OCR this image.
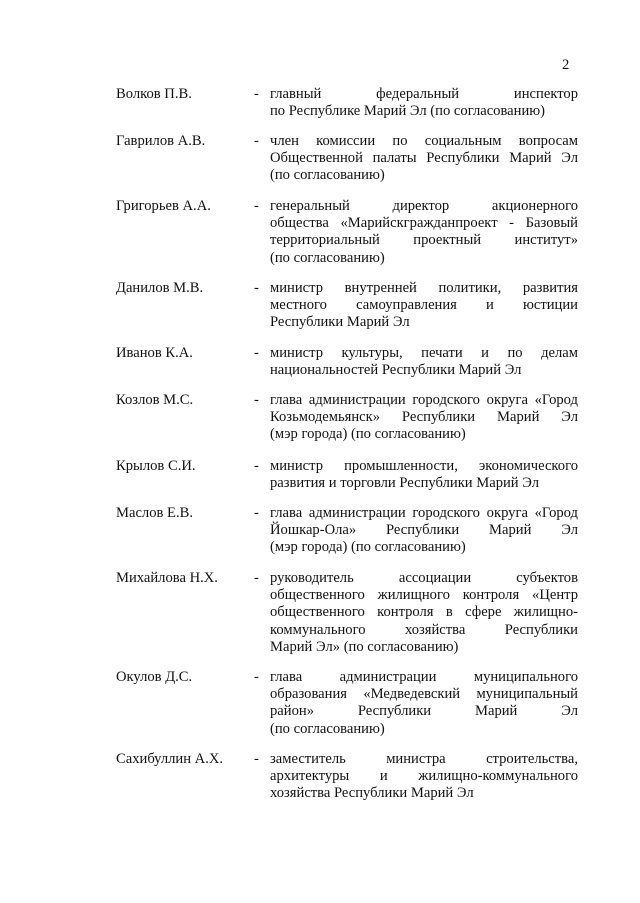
2
Волков П.В.	- главный федеральный инспектор
по Республике Марий Эл (по согласованию)
Гаврилов А.В.	- член комиссии по социальным вопросам
Общественной палаты Республики Марий Эл
(по согласованию)
Григорьев А.А.	- генеральный директор акционерного
общества «Марийскгражданпроект - Базовый
территориальный проектный институт»
(по согласованию)
Данилов М.В.	- министр внутренней политики, развития
местного самоуправления и юстиции
Республики Марий Эл
Иванов К.А.	- министр культуры, печати и по делам
национальностей Республики Марий Эл
Козлов М.С.	- глава администрации городского округа «Город
Козьмодемьянск» Республики Марий Эл
(мэр города) (по согласованию)
Крылов С.И.	- министр промышленности, экономического
развития и торговли Республики Марий Эл
Маслов Е.В.	- глава администрации городского округа «Город
Йошкар-Ола» Республики Марий Эл
(мэр города) (по согласованию)
Михайлова Н.Х.	- руководитель ассоциации субъектов
общественного жилищного контроля «Центр
общественного контроля в сфере жилищно-
коммунального хозяйства Республики
Марий Эл» (по согласованию)
Окулов Д.С.	- глава администрации муниципального
образования «Медведевский муниципальный
район» Республики Марий Эл
(по согласованию)
Сахибуллин А.Х.	- заместитель министра строительства,
архитектуры и жилищно-коммунального
хозяйства Республики Марий Эл
